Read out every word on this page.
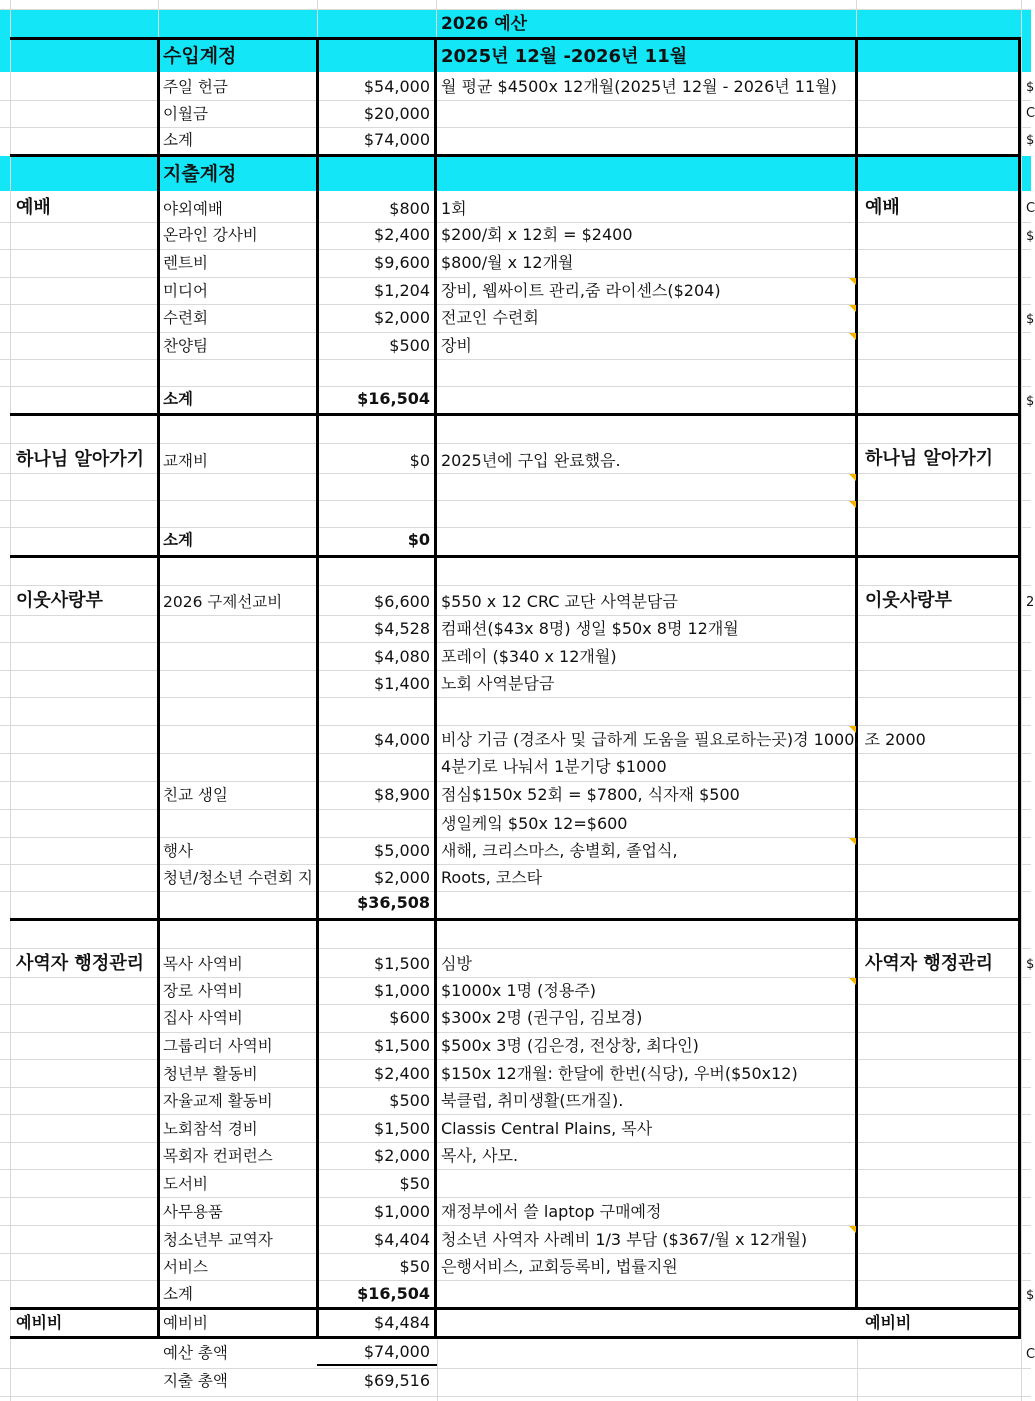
2026 예산
수입계정	2025년 12월 -2026년 11월
주일 헌금	$54,000 월 평균 $4500x 12개월(2025년 12월 - 2026년 11월)
이월금	$20,000
소계	$74,000
지출계정
예배	예배
야외예배	$800 1회
온라인 강사비	$2,400 $200/회 x 12회 = $2400
렌트비	$9,600 $800/월 x 12개월
미디어	$1,204 장비, 웹싸이트 관리,줌 라이센스($204)
수련회	$2,000 전교인 수련회
찬양팀	$500 장비
소계	$16,504
하나님 알아가기	하나님 알아가기
교재비	$0 2025년에 구입 완료했음.
소계	$0
이웃사랑부	이웃사랑부
2026 구제선교비	$6,600 $550 x 12 CRC 교단 사역분담금
$4,528 컴패션($43x 8명) 생일 $50x 8명 12개월
$4,080 포레이 ($340 x 12개월)
$1,400 노회 사역분담금
$4,000 비상 기금 (경조사 및 급하게 도움을 필요로하는곳)경 1000, 조 2000
4분기로 나눠서 1분기당 $1000
친교 생일	$8,900 점심$150x 52회 = $7800, 식자재 $500
생일케잌 $50x 12=$600
행사	$5,000 새해, 크리스마스, 송별회, 졸업식,
청년/청소년 수련회 지	$2,000 Roots, 코스타
$36,508
사역자 행정관리	사역자 행정관리
목사 사역비	$1,500 심방
장로 사역비	$1,000 $1000x 1명 (정용주)
집사 사역비	$600 $300x 2명 (권구임, 김보경)
그룹리더 사역비	$1,500 $500x 3명 (김은경, 전상창, 최다인)
청년부 활동비	$2,400 $150x 12개월: 한달에 한번(식당), 우버($50x12)
자율교제 활동비	$500 북클럽, 취미생활(뜨개질).
노회참석 경비	$1,500 Classis Central Plains, 목사
목회자 컨퍼런스	$2,000 목사, 사모.
도서비	$50
사무용품	$1,000 재정부에서 쓸 laptop 구매예정
청소년부 교역자	$4,404 청소년 사역자 사례비 1/3 부담 ($367/월 x 12개월)
서비스	$50 은행서비스, 교회등록비, 법률지원
소계	$16,504
예비비	예비비
예비비	$4,484
예산 총액	$74,000
지출 총액	$69,516
$
C
$
C
$
$
$
2
$
$
C
